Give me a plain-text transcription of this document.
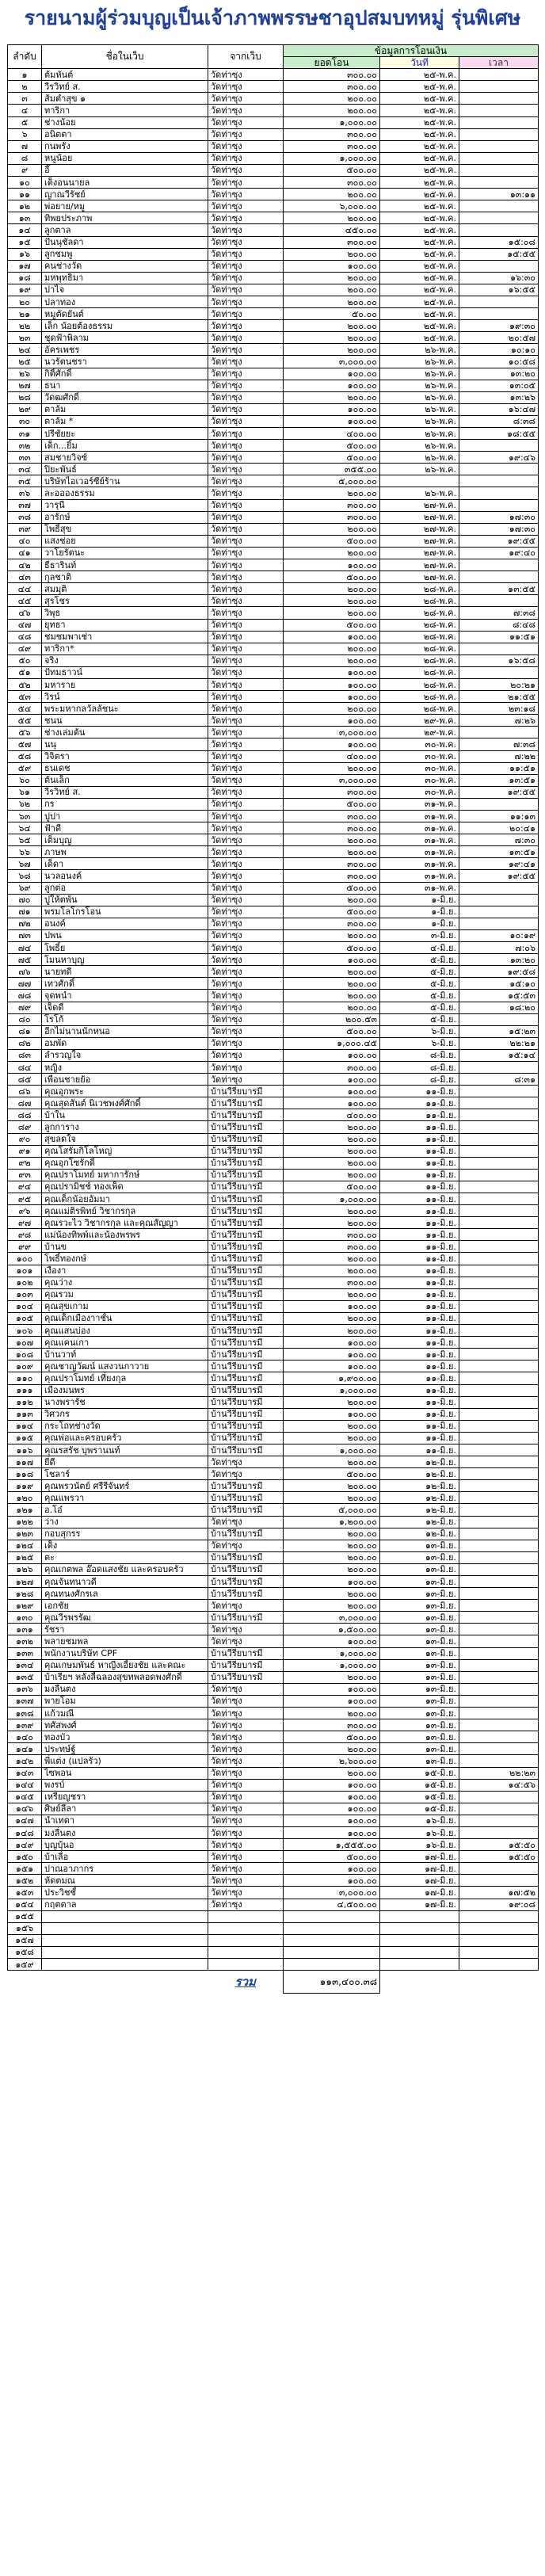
รายนามผู้ร่วมบุญเป็นเจ้าภาพพรรษชาอุปสมบทหมู่ รุ่นพิเศษ
ลำดับ	ชื่อในเว็บ	จากเว็บ	ข้อมูลการโอนเงิน		
			ยอดโอน	วันที่	เวลา
๑	ต้มหันต์	วัดท่าซุง	๓๐๐.๐๐	๒๕-พ.ค.	
๒	วีรวิทย์ ส.	วัดท่าซุง	๓๐๐.๐๐	๒๕-พ.ค.	
๓	ส้มตำสุข ๑	วัดท่าซุง	๒๐๐.๐๐	๒๕-พ.ค.	
๔	ทาริกา	วัดท่าซุง	๒๐๐.๐๐	๒๕-พ.ค.	
๕	ช่างน้อย	วัดท่าซุง	๑,๐๐๐.๐๐	๒๕-พ.ค.	
๖	อนิตตา	วัดท่าซุง	๓๐๐.๐๐	๒๕-พ.ค.	
๗	กนพรัง	วัดท่าซุง	๓๐๐.๐๐	๒๕-พ.ค.	
๘	หนูน้อย	วัดท่าซุง	๑,๐๐๐.๐๐	๒๕-พ.ค.	
๙	อี๊	วัดท่าซุง	๕๐๐.๐๐	๒๕-พ.ค.	
๑๐	เต็งอนนายล	วัดท่าซุง	๓๐๐.๐๐	๒๕-พ.ค.	
๑๑	ญาณวีรัชย์	วัดท่าซุง	๒๐๐.๐๐	๒๕-พ.ค.	๑๓:๑๑
๑๒	พ่อยาย/หมู	วัดท่าซุง	๖,๐๐๐.๐๐	๒๕-พ.ค.	
๑๓	ทิพยประภาพ	วัดท่าซุง	๒๐๐.๐๐	๒๕-พ.ค.	
๑๔	ลูกตาล	วัดท่าซุง	๔๕๐.๐๐	๒๕-พ.ค.	
๑๕	ปันนุชัลดา	วัดท่าซุง	๓๐๐.๐๐	๒๕-พ.ค.	๑๕:๐๘
๑๖	ลูกชมพู	วัดท่าซุง	๒๐๐.๐๐	๒๕-พ.ค.	๑๕:๕๕
๑๗	คนช่างวัด	วัดท่าซุง	๑๐๐.๐๐	๒๕-พ.ค.	
๑๘	มหพุทธิมา	วัดท่าซุง	๒๐๐.๐๐	๒๕-พ.ค.	๑๖:๓๐
๑๙	ปาไจ	วัดท่าซุง	๒๐๐.๐๐	๒๕-พ.ค.	๑๖:๕๕
๒๐	ปลาทอง	วัดท่าซุง	๒๐๐.๐๐	๒๕-พ.ค.	
๒๑	หมูตัดยันต์	วัดท่าซุง	๕๐.๐๐	๒๕-พ.ค.	
๒๒	เล็ก น้อยต้องธรรม	วัดท่าซุง	๒๐๐.๐๐	๒๕-พ.ค.	๑๙:๓๐
๒๓	ชุดฟ้าพิลาม	วัดท่าซุง	๒๐๐.๐๐	๒๕-พ.ค.	๒๐:๕๗
๒๔	อัครเพชร	วัดท่าซุง	๒๐๐.๐๐	๒๖-พ.ค.	๑๐:๑๐
๒๕	นวรัตนชรา	วัดท่าซุง	๓,๐๐๐.๐๐	๒๖-พ.ค.	๑๐:๕๘
๒๖	กิติ์ศักดิ์	วัดท่าซุง	๑๐๐.๐๐	๒๖-พ.ค.	๑๓:๒๐
๒๗	ธนา	วัดท่าซุง	๑๐๐.๐๐	๒๖-พ.ค.	๑๓:๐๕
๒๘	วัดฒศักดิ์	วัดท่าซุง	๒๐๐.๐๐	๒๖-พ.ค.	๑๓:๒๖
๒๙	ตาล้ม	วัดท่าซุง	๑๐๐.๐๐	๒๖-พ.ค.	๑๖:๔๗
๓๐	ตาล้ม *	วัดท่าซุง	๑๐๐.๐๐	๒๖-พ.ค.	๘:๓๘
๓๑	ปรีชัยยะ	วัดท่าซุง	๔๐๐.๐๐	๒๖-พ.ค.	๑๘:๕๕
๓๒	เด็ก...ยิ้ม	วัดท่าซุง	๕๐๐.๐๐	๒๖-พ.ค.	
๓๓	สมชายวิจซ์	วัดท่าซุง	๕๐๐.๐๐	๒๖-พ.ค.	๑๙:๔๖
๓๔	ปิยะพันธ์	วัดท่าซุง	๓๕๕.๐๐	๒๖-พ.ค.	
๓๕	บริษัทไอเวอร์ซีย์ร้าน	วัดท่าซุง	๕,๐๐๐.๐๐		
๓๖	ละออองธรรม	วัดท่าซุง	๒๐๐.๐๐	๒๖-พ.ค.	
๓๗	วารุนี	วัดท่าซุง	๓๐๐.๐๐	๒๗-พ.ค.	
๓๘	อารักษ์	วัดท่าซุง	๓๐๐.๐๐	๒๗-พ.ค.	๑๗:๓๐
๓๙	โพธิ์สุข	วัดท่าซุง	๒๐๐.๐๐	๒๗-พ.ค.	๑๗:๓๐
๔๐	แสงช่อย	วัดท่าซุง	๕๐๐.๐๐	๒๗-พ.ค.	๑๙:๕๕
๔๑	วาโยรัตนะ	วัดท่าซุง	๒๐๐.๐๐	๒๗-พ.ค.	๑๙:๔๐
๔๒	ธีธารินท์	วัดท่าซุง	๑๐๐.๐๐	๒๗-พ.ค.	
๔๓	กุลชาติ	วัดท่าซุง	๕๐๐.๐๐	๒๗-พ.ค.	
๔๔	สมมุติ	วัดท่าซุง	๒๐๐.๐๐	๒๘-พ.ค.	๑๓:๕๕
๔๕	สุรโชร	วัดท่าซุง	๒๐๐.๐๐	๒๘-พ.ค.	
๔๖	วิพุธ	วัดท่าซุง	๒๐๐.๐๐	๒๘-พ.ค.	๗:๓๘
๔๗	ยุทธา	วัดท่าซุง	๕๐๐.๐๐	๒๘-พ.ค.	๘:๔๘
๔๘	ชมชมพาเช่า	วัดท่าซุง	๑๐๐.๐๐	๒๘-พ.ค.	๑๑:๕๑
๔๙	ทาริกา*	วัดท่าซุง	๒๐๐.๐๐	๒๘-พ.ค.	
๕๐	จริง	วัดท่าซุง	๒๐๐.๐๐	๒๘-พ.ค.	๑๖:๕๘
๕๑	ปัทมธาวน์	วัดท่าซุง	๑๐๐.๐๐	๒๘-พ.ค.	
๕๒	มหาราย	วัดท่าซุง	๑๐๐.๐๐	๒๘-พ.ค.	๒๐:๒๑
๕๓	วิรน์	วัดท่าซุง	๑๐๐.๐๐	๒๘-พ.ค.	๒๑:๕๕
๕๔	พระมหากลวัลลัชนะ	วัดท่าซุง	๒๐๐.๐๐	๒๘-พ.ค.	๒๓:๑๘
๕๕	ชนน	วัดท่าซุง	๑๐๐.๐๐	๒๙-พ.ค.	๗:๒๖
๕๖	ช่างเล่มต้น	วัดท่าซุง	๓,๐๐๐.๐๐	๒๙-พ.ค.	
๕๗	นนุ	วัดท่าซุง	๑๐๐.๐๐	๓๐-พ.ค.	๗:๓๘
๕๘	วิจิตรา	วัดท่าซุง	๔๐๐.๐๐	๓๐-พ.ค.	๗:๒๒
๕๙	ธนเดช	วัดท่าซุง	๒๐๐.๐๐	๓๐-พ.ค.	๑๑:๕๑
๖๐	ต้นเล็ก	วัดท่าซุง	๓,๐๐๐.๐๐	๓๐-พ.ค.	๑๓:๕๑
๖๑	วีรวิทย์ ส.	วัดท่าซุง	๓๐๐.๐๐	๓๐-พ.ค.	๑๙:๕๕
๖๒	กร	วัดท่าซุง	๕๐๐.๐๐	๓๑-พ.ค.	
๖๓	ปูปา	วัดท่าซุง	๓๐๐.๐๐	๓๑-พ.ค.	๑๑:๑๓
๖๔	ฟ้าดี	วัดท่าซุง	๓๐๐.๐๐	๓๑-พ.ค.	๒๐:๔๑
๖๕	เต็มบุญ	วัดท่าซุง	๒๐๐.๐๐	๓๑-พ.ค.	๗:๓๐
๖๖	ภาษพ	วัดท่าซุง	๒๐๐.๐๐	๓๑-พ.ค.	๑๓:๕๑
๖๗	เด็ดา	วัดท่าซุง	๓๐๐.๐๐	๓๑-พ.ค.	๑๙:๔๑
๖๘	นวลอนงค์	วัดท่าซุง	๓๐๐.๐๐	๓๑-พ.ค.	๑๙:๕๕
๖๙	ลูกต่อ	วัดท่าซุง	๕๐๐.๐๐	๓๑-พ.ค.	
๗๐	ปูให้ตพัน	วัดท่าซุง	๒๐๐.๐๐	๑-มิ.ย.	
๗๑	พรมโลโกรโอน	วัดท่าซุง	๕๐๐.๐๐	๑-มิ.ย.	
๗๒	อนงค์	วัดท่าซุง	๓๐๐.๐๐	๑-มิ.ย.	
๗๓	ปพน	วัดท่าซุง	๒๐๐.๐๐	๓-มิ.ย.	๑๐:๑๙
๗๔	โพธิ์ย	วัดท่าซุง	๕๐๐.๐๐	๔-มิ.ย.	๗:๐๖
๗๕	โมนหาบุญ	วัดท่าซุง	๑๐๐.๐๐	๕-มิ.ย.	๑๓:๒๐
๗๖	นายทดี	วัดท่าซุง	๒๐๐.๐๐	๕-มิ.ย.	๑๙:๕๘
๗๗	เทวศักดิ์	วัดท่าซุง	๒๐๐.๐๐	๕-มิ.ย.	๑๕:๑๐
๗๘	จุดพนำ	วัดท่าซุง	๒๐๐.๐๐	๕-มิ.ย.	๑๕:๕๓
๗๙	เจ็ดดี	วัดท่าซุง	๒๐๐.๐๐	๕-มิ.ย.	๑๘:๒๐
๘๐	โรโก้	วัดท่าซุง	๒๐๐.๕๓	๕-มิ.ย.	
๘๑	อีกไม่นานนักหนอ	วัดท่าซุง	๕๐๐.๐๐	๖-มิ.ย.	๑๕:๒๓
๘๒	อมพัด	วัดท่าซุง	๑,๐๐๐.๔๕	๖-มิ.ย.	๒๒:๒๑
๘๓	ลำรวญใจ	วัดท่าซุง	๑๐๐.๐๐	๘-มิ.ย.	๑๕:๑๔
๘๔	หญิง	วัดท่าซุง	๓๐๐.๐๐	๘-มิ.ย.	
๘๕	เพื่อนชายย้อ	วัดท่าซุง	๑๐๐.๐๐	๘-มิ.ย.	๘:๓๑
๘๖	คุณอุกพระ	บ้านวีรียบารมี	๑๐๐.๐๐	๑๑-มิ.ย.	
๘๗	คุณสุดสันต์ นิเวชพงศ์ศักดิ์	บ้านวีรียบารมี	๑๐๐.๐๐	๑๑-มิ.ย.	
๘๘	บ้าใน	บ้านวีรียบารมี	๔๐๐.๐๐	๑๑-มิ.ย.	
๘๙	ลูกการาง	บ้านวีรียบารมี	๒๐๐.๐๐	๑๑-มิ.ย.	
๙๐	สุขลดใจ	บ้านวีรียบารมี	๒๐๐.๐๐	๑๑-มิ.ย.	
๙๑	คุณโสรัมกิโลโหญ่	บ้านวีรียบารมี	๒๐๐.๐๐	๑๑-มิ.ย.	
๙๒	คุณอุกโซรักดิ์	บ้านวีรียบารมี	๒๐๐.๐๐	๑๑-มิ.ย.	
๙๓	คุณปราโมทย์ มหาการักษ์	บ้านวีรียบารมี	๒๐๐.๐๐	๑๑-มิ.ย.	
๙๔	คุณปรามิชช์ ทองเพ็ด	บ้านวีรียบารมี	๕๐๐.๐๐	๑๑-มิ.ย.	
๙๕	คุณเด็กน้อยอัมมา	บ้านวีรียบารมี	๑,๐๐๐.๐๐	๑๑-มิ.ย.	
๙๖	คุณแม่ติรพิทย์ วิชากรกุล	บ้านวีรียบารมี	๒๐๐.๐๐	๑๑-มิ.ย.	
๙๗	คุณรวะไว วิชากรกุล และคุณสัญญา	บ้านวีรียบารมี	๒๐๐.๐๐	๑๑-มิ.ย.	
๙๘	แม่น้องทิพพ์และน้องพรพร	บ้านวีรียบารมี	๓๐๐.๐๐	๑๑-มิ.ย.	
๙๙	บ้านข	บ้านวีรียบารมี	๓๐๐.๐๐	๑๑-มิ.ย.	
๑๐๐	โพธิ์ทองกษ์	บ้านวีรียบารมี	๒๐๐.๐๐	๑๑-มิ.ย.	
๑๐๑	เงื่องา	บ้านวีรียบารมี	๒๐๐.๐๐	๑๑-มิ.ย.	
๑๐๒	คุณว่าง	บ้านวีรียบารมี	๓๐๐.๐๐	๑๑-มิ.ย.	
๑๐๓	คุณรวม	บ้านวีรียบารมี	๒๐๐.๐๐	๑๑-มิ.ย.	
๑๐๔	คุณสุขเกาม	บ้านวีรียบารมี	๑๐๐.๐๐	๑๑-มิ.ย.	
๑๐๕	คุณเด็กเมืองาาชั้น	บ้านวีรียบารมี	๒๐๐.๐๐	๑๑-มิ.ย.	
๑๐๖	คุณแสนบ่อง	บ้านวีรียบารมี	๒๐๐.๐๐	๑๑-มิ.ย.	
๑๐๗	คุณแคนเกา	บ้านวีรียบารมี	๑๐๐.๐๐	๑๑-มิ.ย.	
๑๐๘	บ้านวาท์	บ้านวีรียบารมี	๑๐๐.๐๐	๑๑-มิ.ย.	
๑๐๙	คุณชาญวัฒน์ แสงวนกาวาย	บ้านวีรียบารมี	๑๐๐.๐๐	๑๑-มิ.ย.	
๑๑๐	คุณปราโมทย์ เที่ยงกุล	บ้านวีรียบารมี	๑,๙๐๐.๐๐	๑๑-มิ.ย.	
๑๑๑	เมืองมนพร	บ้านวีรียบารมี	๑,๐๐๐.๐๐	๑๑-มิ.ย.	
๑๑๒	นางพรารัช	บ้านวีรียบารมี	๒๐๐.๐๐	๑๑-มิ.ย.	
๑๑๓	วิศวกร	บ้านวีรียบารมี	๑๐๐.๐๐	๑๑-มิ.ย.	
๑๑๔	กระโถทช่างวัด	บ้านวีรียบารมี	๒๐๐.๐๐	๑๑-มิ.ย.	
๑๑๕	คุณพ่อและครอบครัว	บ้านวีรียบารมี	๒๐๐.๐๐	๑๑-มิ.ย.	
๑๑๖	คุณรสรัช บุพรานนท์	บ้านวีรียบารมี	๑,๐๐๐.๐๐	๑๑-มิ.ย.	
๑๑๗	ยี่ดี	วัดท่าซุง	๒๐๐.๐๐	๑๒-มิ.ย.	
๑๑๘	โชลาร์	วัดท่าซุง	๕๐๐.๐๐	๑๒-มิ.ย.	
๑๑๙	คุณพรวนัตย์ ศรีรีจันทร์	บ้านวีรียบารมี	๒๐๐.๐๐	๑๒-มิ.ย.	
๑๒๐	คุณแพรวา	บ้านวีรียบารมี	๒๐๐.๐๐	๑๒-มิ.ย.	
๑๒๑	อ.โอ๋	บ้านวีรียบารมี	๕,๐๐๐.๐๐	๑๒-มิ.ย.	
๑๒๒	ว่าง	วัดท่าซุง	๑,๒๐๐.๐๐	๑๒-มิ.ย.	
๑๒๓	กอบสุกรร	บ้านวีรียบารมี	๒๐๐.๐๐	๑๒-มิ.ย.	
๑๒๔	เต็ง	วัดท่าซุง	๒๐๐.๐๐	๑๓-มิ.ย.	
๑๒๕	ตะ	บ้านวีรียบารมี	๒๐๐.๐๐	๑๓-มิ.ย.	
๑๒๖	คุณเกตพล อ๊อดแสงชัย และครอบครัว	บ้านวีรียบารมี	๒๐๐.๐๐	๑๓-มิ.ย.	
๑๒๗	คุณจันทนาวดี	บ้านวีรียบารมี	๑๐๐.๐๐	๑๓-มิ.ย.	
๑๒๘	คุณทนงศักรเล	บ้านวีรียบารมี	๒๐๐.๐๐	๑๓-มิ.ย.	
๑๒๙	เอกชัย	วัดท่าซุง	๒๐๐.๐๐	๑๓-มิ.ย.	
๑๓๐	คุณวีรพรรัฒ	บ้านวีรียบารมี	๓,๐๐๐.๐๐	๑๓-มิ.ย.	
๑๓๑	รัชรา	วัดท่าซุง	๑,๕๐๐.๐๐	๑๓-มิ.ย.	
๑๓๒	พลายชมพล	วัดท่าซุง	๑๐๐.๐๐	๑๓-มิ.ย.	
๑๓๓	พนักงานบริษัท CPF	บ้านวีรียบารมี	๑,๐๐๐.๐๐	๑๓-มิ.ย.	
๑๓๔	คุณเกษมพันธ์ หาญีงเอี้ยงชัย และคณะ	บ้านวีรียบารมี	๑,๐๐๐.๐๐	๑๓-มิ.ย.	
๑๓๕	บ้าเรียฯ หลังลี้ฉลองสุขทพลอดพงศักดิ์	บ้านวีรียบารมี	๒๐๐.๐๐	๑๓-มิ.ย.	
๑๓๖	มงลื่นตง	วัดท่าซุง	๑๐๐.๐๐	๑๓-มิ.ย.	
๑๓๗	พายโอม	วัดท่าซุง	๑๐๐.๐๐	๑๓-มิ.ย.	
๑๓๘	แก้วมณี	วัดท่าซุง	๒๐๐.๐๐	๑๓-มิ.ย.	
๑๓๙	ทศัสพงศ์	วัดท่าซุง	๓๐๐.๐๐	๑๓-มิ.ย.	
๑๔๐	ทองบัว	วัดท่าซุง	๕๐๐.๐๐	๑๓-มิ.ย.	
๑๔๑	ประทษ์ฐ์	วัดท่าซุง	๒๐๐.๐๐	๑๓-มิ.ย.	
๑๔๒	พี่แต่ง (แปลรัว)	วัดท่าซุง	๒,๖๐๐.๐๐	๑๓-มิ.ย.	
๑๔๓	ไซพอน	วัดท่าซุง	๒๐๐.๐๐	๑๕-มิ.ย.	๒๒:๒๓
๑๔๔	พงรบ์	วัดท่าซุง	๑๐๐.๐๐	๑๕-มิ.ย.	๑๔:๕๖
๑๔๕	เหรียญชรา	วัดท่าซุง	๑๐๐.๐๐	๑๕-มิ.ย.	
๑๔๖	ศิษย์ลีลา	วัดท่าซุง	๑๐๐.๐๐	๑๕-มิ.ย.	
๑๔๗	นำเทตา	วัดท่าซุง	๑๐๐.๐๐	๑๖-มิ.ย.	
๑๔๘	มงลื่นตง	วัดท่าซุง	๑๐๐.๐๐	๑๖-มิ.ย.	
๑๔๙	บุญบุ้นอ	วัดท่าซุง	๑,๕๕๕.๐๐	๑๖-มิ.ย.	๑๕:๕๐
๑๕๐	บ้าเลื่อ	วัดท่าซุง	๕๐๐.๐๐	๑๗-มิ.ย.	๑๕:๕๐
๑๕๑	ปาณอาภากร	วัดท่าซุง	๑๐๐.๐๐	๑๗-มิ.ย.	
๑๕๒	ห้ดตมณ	วัดท่าซุง	๑๐๐.๐๐	๑๗-มิ.ย.	
๑๕๓	ประวิชชั์	วัดท่าซุง	๓,๐๐๐.๐๐	๑๗-มิ.ย.	๑๗:๕๒
๑๕๔	กฤตตาล	วัดท่าซุง	๔,๕๐๐.๐๐	๑๗-มิ.ย.	๑๙:๐๘
๑๕๕					
๑๕๖					
๑๕๗					
๑๕๘					
๑๕๙					
		รวม	๑๑๓,๔๐๐.๓๘		
